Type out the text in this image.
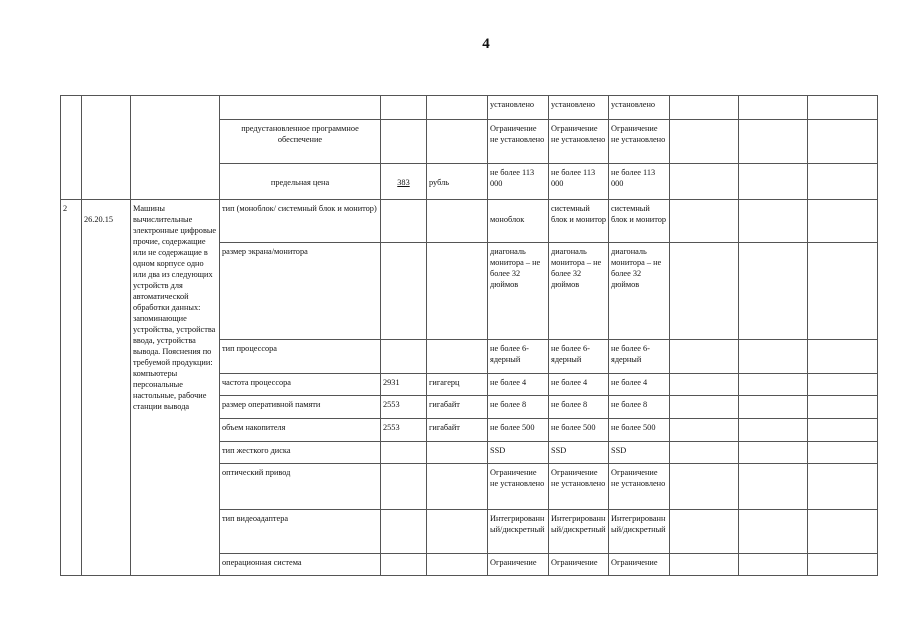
4
						установлено	установлено	установлено			
			предустановленное программное обеспечение			Ограничение не установлено	Ограничение не установлено	Ограничение не установлено			
			предельная цена	383	рубль	не более 113 000	не более 113 000	не более 113 000			
2	26.20.15	Машины вычислительные электронные цифровые прочие, содержащие или не содержащие в одном корпусе одно или два из следующих устройств для автоматической обработки данных: запоминающие устройства, устройства ввода, устройства вывода. Пояснения по требуемой продукции: компьютеры персональные настольные, рабочие станции вывода	тип (моноблок/ системный блок и монитор)			моноблок	системный блок и монитор	системный блок и монитор			
			размер экрана/монитора			диагональ монитора – не более 32 дюймов	диагональ монитора – не более 32 дюймов	диагональ монитора – не более 32 дюймов			
			тип процессора			не более 6-ядерный	не более 6-ядерный	не более 6-ядерный			
			частота процессора	2931	гигагерц	не более 4	не более 4	не более 4			
			размер оперативной памяти	2553	гигабайт	не более 8	не более 8	не более 8			
			объем накопителя	2553	гигабайт	не более 500	не более 500	не более 500			
			тип жесткого диска			SSD	SSD	SSD			
			оптический привод			Ограничение не установлено	Ограничение не установлено	Ограничение не установлено			
			тип видеоадаптера			Интегрированный/дискретный	Интегрированный/дискретный	Интегрированный/дискретный			
			операционная система			Ограничение	Ограничение	Ограничение			
